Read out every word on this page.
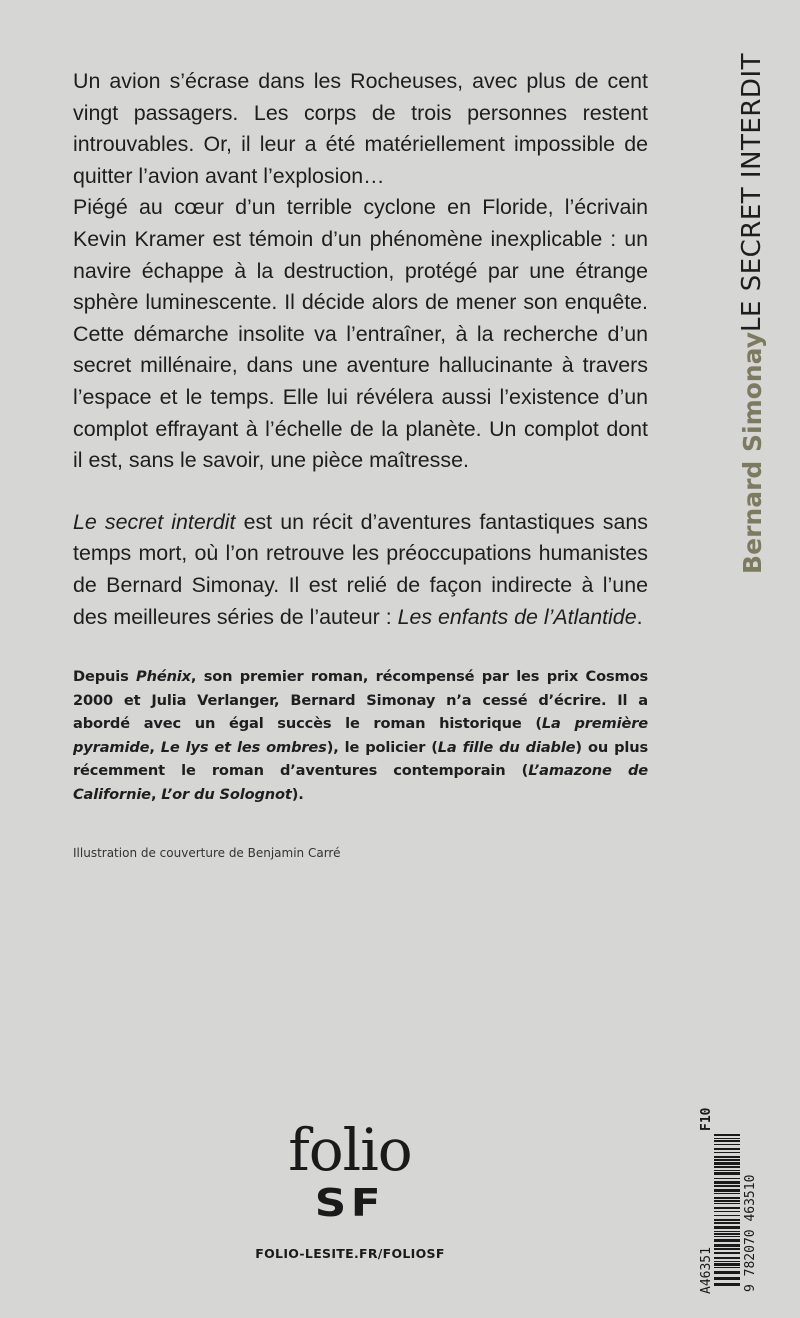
Un avion s’écrase dans les Rocheuses, avec plus de cent vingt passagers. Les corps de trois personnes restent introuvables. Or, il leur a été matériellement impossible de quitter l’avion avant l’explosion…

Piégé au cœur d’un terrible cyclone en Floride, l’écrivain Kevin Kramer est témoin d’un phénomène inexplicable : un navire échappe à la destruction, protégé par une étrange sphère luminescente. Il décide alors de mener son enquête. Cette démarche insolite va l’entraîner, à la recherche d’un secret millénaire, dans une aventure hallucinante à travers l’espace et le temps. Elle lui révélera aussi l’existence d’un complot effrayant à l’échelle de la planète. Un complot dont il est, sans le savoir, une pièce maîtresse.

Le secret interdit est un récit d’aventures fantastiques sans temps mort, où l’on retrouve les préoccupations humanistes de Bernard Simonay. Il est relié de façon indirecte à l’une des meilleures séries de l’auteur : Les enfants de l’Atlantide.

Depuis Phénix, son premier roman, récompensé par les prix Cosmos 2000 et Julia Verlanger, Bernard Simonay n’a cessé d’écrire. Il a abordé avec un égal succès le roman historique (La première pyramide, Le lys et les ombres), le policier (La fille du diable) ou plus récemment le roman d’aventures contemporain (L’amazone de Californie, L’or du Solognot).
Illustration de couverture de Benjamin Carré
LE SECRET INTERDIT
Bernard Simonay
folio
SF
FOLIO-LESITE.FR/FOLIOSF	9 782070 463510
A46351
F10
